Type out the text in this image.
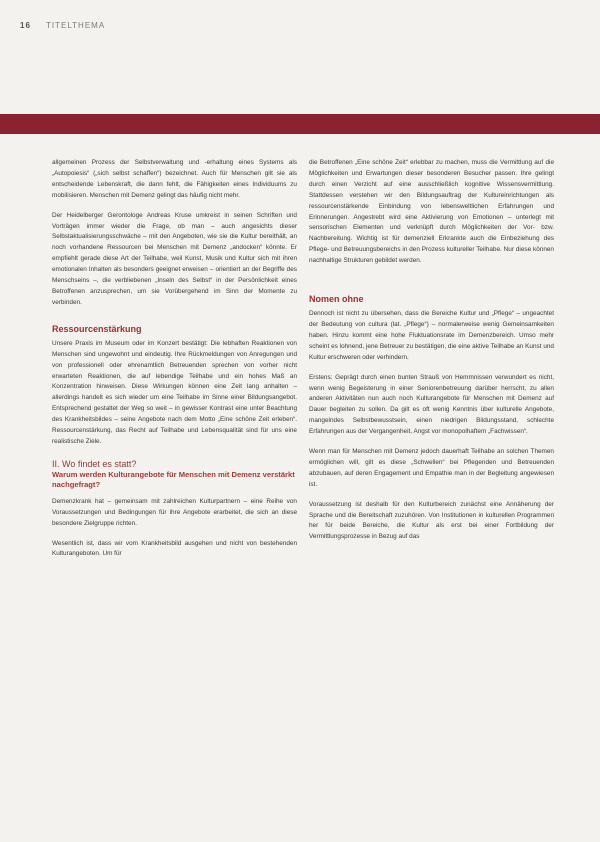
16 TITELTHEMA

allgemeinen Prozess der Selbstverwaltung und -erhaltung eines Systems als „Autopoiesis“ („sich selbst schaffen“) bezeichnet. Auch für Menschen gilt sie als entscheidende Lebenskraft, die dann fehlt, die Fähigkeiten eines Individuums zu mobilisieren. Menschen mit Demenz gelingt das häufig nicht mehr.

Der Heidelberger Gerontologe Andreas Kruse umkreist in seinen Schriften und Vorträgen immer wieder die Frage, ob man – auch angesichts dieser Selbstaktualisierungsschwäche – mit den Angeboten, wie sie die Kultur bereithält, an noch vorhandene Ressourcen bei Menschen mit Demenz „andocken“ könnte. Er empfiehlt gerade diese Art der Teilhabe, weil Kunst, Musik und Kultur sich mit ihren emotionalen Inhalten als besonders geeignet erweisen – orientiert an der Begriffe des Menschseins –, die verbliebenen „Inseln des Selbst“ in der Persönlichkeit eines Betroffenen anzusprechen, um sie Vorübergehend im Sinn der Momente zu verbinden.

Ressourcenstärkung

Unsere Praxis im Museum oder im Konzert bestätigt: Die lebhaften Reaktionen von Menschen sind ungewohnt und eindeutig. Ihre Rückmeldungen von Anregungen und von professionell oder ehrenamtlich Betreuenden sprechen von vorher nicht erwarteten Reaktionen, die auf lebendige Teilhabe und ein hohes Maß an Konzentration hinweisen. Diese Wirkungen können eine Zeit lang anhalten – allerdings handelt es sich wieder um eine Teilhabe im Sinne einer Bildungsangebot. Entsprechend gestaltet der Weg so weit – in gewisser Kontrast eine unter Beachtung des Krankheitsbildes – seine Angebote nach dem Motto „Eine schöne Zeit erleben“. Ressourcenstärkung, das Recht auf Teilhabe und Lebensqualität sind für uns eine realistische Ziele.

II. Wo findet es statt?
Warum werden Kulturangebote für Menschen mit Demenz verstärkt nachgefragt?

Demenzkrank hat – gemeinsam mit zahlreichen Kulturpartnern – eine Reihe von Voraussetzungen und Bedingungen für ihre Angebote erarbeitet, die sich an diese besondere Zielgruppe richten.

Wesentlich ist, dass wir vom Krankheitsbild ausgehen und nicht von bestehenden Kulturangeboten. Um für

die Betroffenen „Eine schöne Zeit“ erlebbar zu machen, muss die Vermittlung auf die Möglichkeiten und Erwartungen dieser besonderen Besucher passen. Ihre gelingt durch einen Verzicht auf eine ausschließlich kognitive Wissensvermittlung. Stattdessen verstehen wir den Bildungsauftrag der Kultureinrichtungen als ressourcenstärkende Einbindung von lebensweltlichen Erfahrungen und Erinnerungen. Angestrebt wird eine Aktivierung von Emotionen – unterlegt mit sensorischen Elementen und verknüpft durch Möglichkeiten der Vor- bzw. Nachbereitung. Wichtig ist für demenziell Erkrankte auch die Einbeziehung des Pflege- und Betreuungsbereichs in den Prozess kultureller Teilhabe. Nur diese können nachhaltige Strukturen gebildet werden.

Nomen ohne

Dennoch ist nicht zu übersehen, dass die Bereiche Kultur und „Pflege“ – ungeachtet der Bedeutung von cultura (lat. „Pflege“) – normalerweise wenig Gemeinsamkeiten haben. Hinzu kommt eine hohe Fluktuationsrate im Demenzbereich. Umso mehr scheint es lohnend, jene Betreuer zu bestätigen, die eine aktive Teilhabe an Kunst und Kultur erschweren oder verhindern.

Erstens: Geprägt durch einen bunten Strauß von Hemmnissen verwundert es nicht, wenn wenig Begeisterung in einer Seniorenbetreuung darüber herrscht, zu allen anderen Aktivitäten nun auch noch Kulturangebote für Menschen mit Demenz auf Dauer begleiten zu sollen. Da gilt es oft wenig Kenntnis über kulturelle Angebote, mangelndes Selbstbewusstsein, einen niedrigen Bildungsstand, schlechte Erfahrungen aus der Vergangenheit, Angst vor monopolhaftem „Fachwissen“.

Wenn man für Menschen mit Demenz jedoch dauerhaft Teilhabe an solchen Themen ermöglichen will, gilt es diese „Schwellen“ bei Pflegenden und Betreuenden abzubauen, auf deren Engagement und Empathie man in der Begleitung angewiesen ist.

Voraussetzung ist deshalb für den Kulturbereich zunächst eine Annäherung der Sprache und die Bereitschaft zuzuhören. Von Institutionen in kulturellen Programmen her für beide Bereiche, die Kultur als erst bei einer Fortbildung der Vermittlungsprozesse in Bezug auf das
